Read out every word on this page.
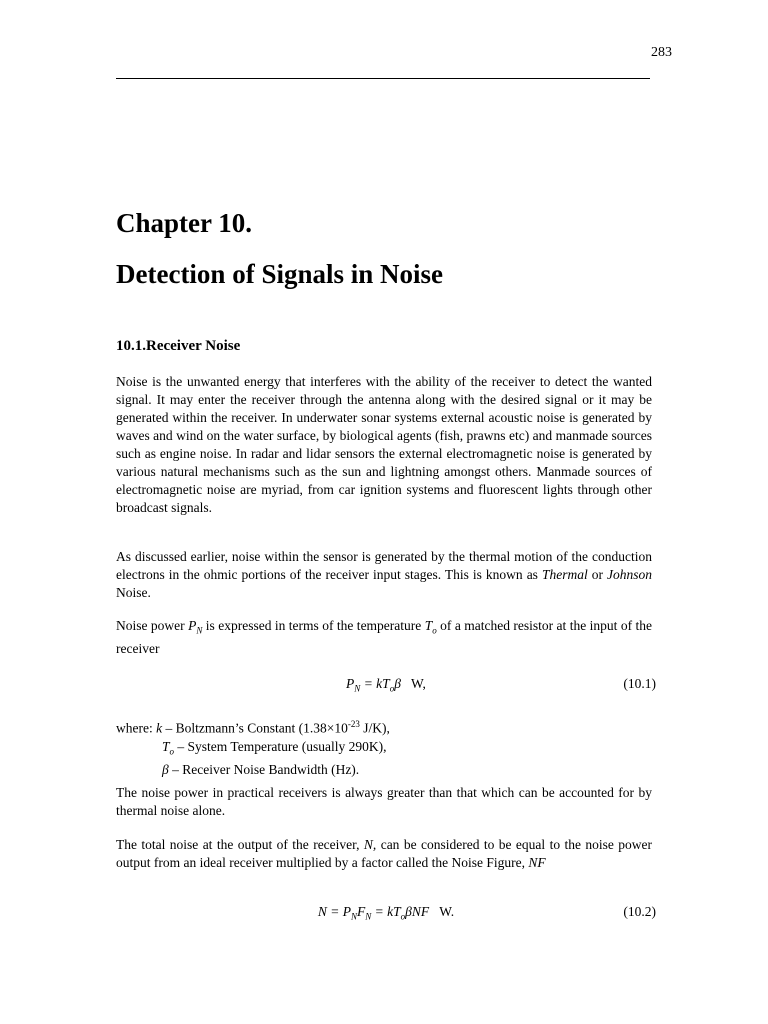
283
Chapter 10.
Detection of Signals in Noise
10.1.Receiver Noise

Noise is the unwanted energy that interferes with the ability of the receiver to detect the wanted signal. It may enter the receiver through the antenna along with the desired signal or it may be generated within the receiver. In underwater sonar systems external acoustic noise is generated by waves and wind on the water surface, by biological agents (fish, prawns etc) and manmade sources such as engine noise. In radar and lidar sensors the external electromagnetic noise is generated by various natural mechanisms such as the sun and lightning amongst others. Manmade sources of electromagnetic noise are myriad, from car ignition systems and fluorescent lights through other broadcast signals.

As discussed earlier, noise within the sensor is generated by the thermal motion of the conduction electrons in the ohmic portions of the receiver input stages. This is known as Thermal or Johnson Noise.

Noise power $P_N$ is expressed in terms of the temperature $T_o$ of a matched resistor at the input of the receiver

$P_N = kT_o\beta$ W,	(10.1)
where: k – Boltzmann’s Constant ($1.38\times 10^{-23}$ J/K),
$T_o$ – System Temperature (usually 290K),
β – Receiver Noise Bandwidth (Hz).

The noise power in practical receivers is always greater than that which can be accounted for by thermal noise alone.

The total noise at the output of the receiver, N, can be considered to be equal to the noise power output from an ideal receiver multiplied by a factor called the Noise Figure, NF

$N = P_NF_N = kT_o\beta NF$ W.	(10.2)
